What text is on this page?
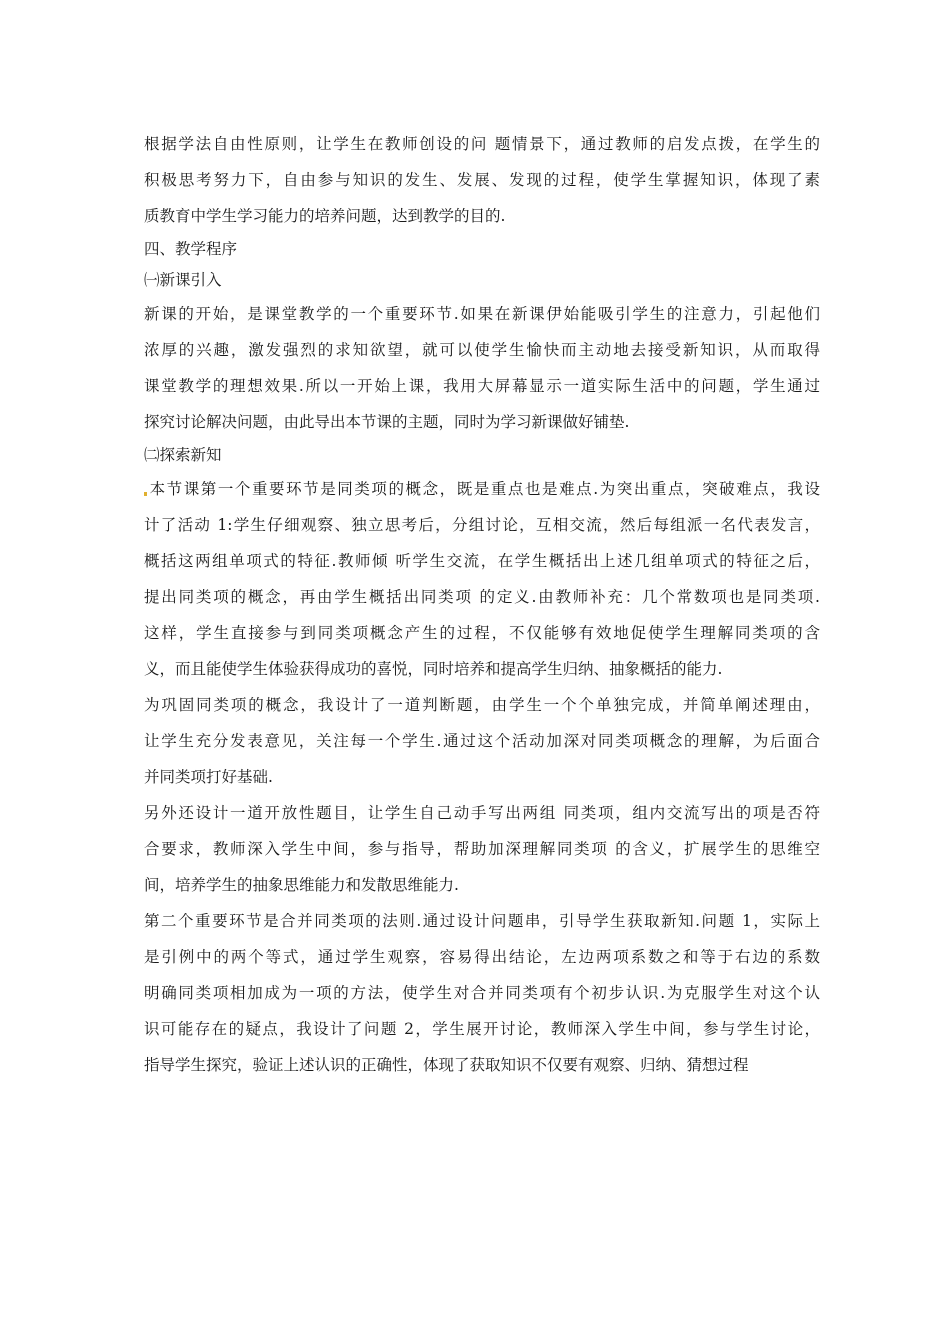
根据学法自由性原则，让学生在教师创设的问 题情景下，通过教师的启发点拨，在学生的
积极思考努力下，自由参与知识的发生、发展、发现的过程，使学生掌握知识，体现了素
质教育中学生学习能力的培养问题，达到教学的目的.
四、教学程序
㈠新课引入
新课的开始，是课堂教学的一个重要环节.如果在新课伊始能吸引学生的注意力，引起他们
浓厚的兴趣，激发强烈的求知欲望，就可以使学生愉快而主动地去接受新知识，从而取得
课堂教学的理想效果.所以一开始上课，我用大屏幕显示一道实际生活中的问题，学生通过
探究讨论解决问题，由此导出本节课的主题，同时为学习新课做好铺垫.
㈡探索新知
本节课第一个重要环节是同类项的概念，既是重点也是难点.为突出重点，突破难点，我设
计了活动 1:学生仔细观察、独立思考后，分组讨论，互相交流，然后每组派一名代表发言，
概括这两组单项式的特征.教师倾 听学生交流，在学生概括出上述几组单项式的特征之后，
提出同类项的概念，再由学生概括出同类项 的定义.由教师补充：几个常数项也是同类项.
这样，学生直接参与到同类项概念产生的过程，不仅能够有效地促使学生理解同类项的含
义，而且能使学生体验获得成功的喜悦，同时培养和提高学生归纳、抽象概括的能力.
为巩固同类项的概念，我设计了一道判断题，由学生一个个单独完成，并简单阐述理由，
让学生充分发表意见，关注每一个学生.通过这个活动加深对同类项概念的理解，为后面合
并同类项打好基础.
另外还设计一道开放性题目，让学生自己动手写出两组 同类项，组内交流写出的项是否符
合要求，教师深入学生中间，参与指导，帮助加深理解同类项 的含义，扩展学生的思维空
间，培养学生的抽象思维能力和发散思维能力.
第二个重要环节是合并同类项的法则.通过设计问题串，引导学生获取新知.问题 1，实际上
是引例中的两个等式，通过学生观察，容易得出结论，左边两项系数之和等于右边的系数
明确同类项相加成为一项的方法，使学生对合并同类项有个初步认识.为克服学生对这个认
识可能存在的疑点，我设计了问题 2，学生展开讨论，教师深入学生中间，参与学生讨论，
指导学生探究，验证上述认识的正确性，体现了获取知识不仅要有观察、归纳、猜想过程
